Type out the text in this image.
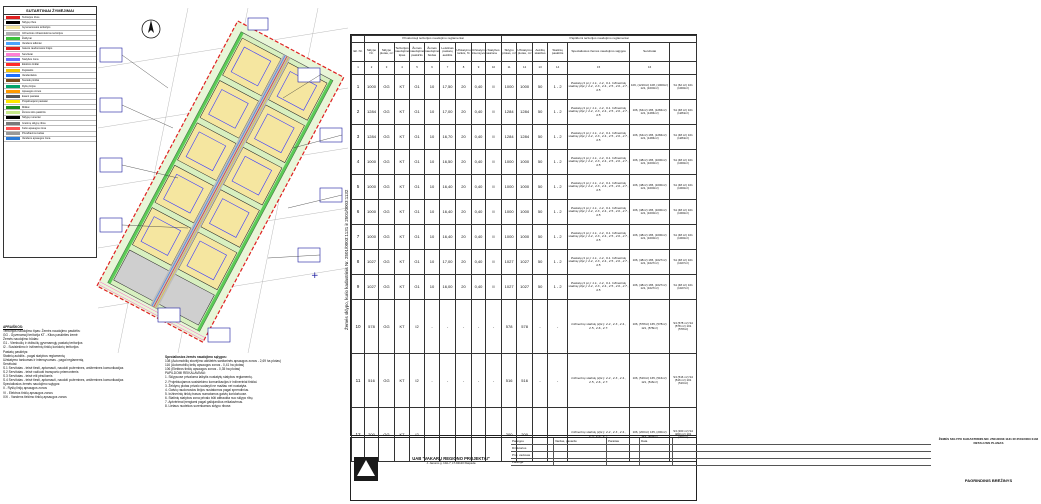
SUTARTINIAI ŽYMĖJIMAI
Teritorijos ribos
Sklypų ribos
Gyvenamosios teritorijos
Inžinerinės infrastruktūros teritorijos
Želdynai
Vandens telkiniai
Gatvės raudonosios linijos
Servitutai
Statybos zona
Elektros tinklai
Dujotiekis
Vandentiekis
Nuotekų tinklai
Ryšių linijos
Apsaugos zonos
Esami pastatai
Projektuojami pastatai
Miškai
Žemės ūkio paskirtis
Sklypų numeriai
Gretimų sklypų ribos
Kelio apsaugos zona
Privažiavimo kelias
Vandens apsaugos zona
APRAIŠKOS:
Teritorijos naudojimo tipas: Žemės naudojimo paskirtis:
GG - Gyvenamoji teritorija KT - Kitos paskirties žemė
Žemės naudojimo būdas:
G1 - Vienbučių ir dvibučių gyvenamųjų pastatų teritorijos
I2 - Susisiekimo ir inžinerinių tinklų koridorių teritorijos
Pastatų paskirtys:
Statinių aukštis - pagal statybos reglamentą
Užstatymo tankumas ir intensyvumas - pagal reglamentą
Servitutai:
S.1 Servitutas - teisė tiesti, aptarnauti, naudoti požemines, antžemines komunikacijas
S.2 Servitutas - teisė važiuoti transporto priemonėmis
S.3 Servitutas - teisė eiti pėsčiomis
S.4 Servitutas - teisė tiesti, aptarnauti, naudoti požemines, antžemines komunikacijas
Specialiosios žemės naudojimo sąlygos:
II - Ryšių linijų apsaugos zonos
VI - Elektros tinklų apsaugos zonos
XXI - Vandens tiekimo tinklų apsaugos zonos
Specialiosios žemės naudojimo sąlygos:
108 (Automobilių stovėjimo aikštelės sanitarinės apsaugos zonos - 2,69 ha plotas)
116 (Automobilių kelių apsaugos zonos - 0,41 ha plotas)
106 (Elektros tinklų apsaugos zonos - 0,35 ha plotas)
PAPILDOMI REIKALAVIMAI:
1. Sklypuose privaloma laikytis nustatytų statybos reglamentų.
2. Projektuojamos susisiekimo komunikacijos ir inžineriniai tinklai.
3. Želdynų plotas privalo sudaryti ne mažiau nei nustatyta.
4. Gatvių raudonosios linijos nustatomos pagal sprendinius.
5. Inžinerinių tinklų trasos numatomos gatvių koridoriuose.
6. Statinių statybos zona privalo būti atitraukta nuo sklypo ribų.
7. Aptvėrimai įrengiami pagal galiojančius reikalavimus.
8. Lietaus nuotekos surenkamos sklypo ribose.
+	Žemės sklypo, kurio kadastrinis Nr. 2501/0003:1131 ir 2501/0003:1132
	Privalomieji teritorijos naudojimo reglamentai									Papildomi teritorijos naudojimo reglamentai						
Eil. Nr.	Sklypo Nr.	Sklypo plotas, m²	Teritorijos naudojimo tipas	Žemės naudojimo paskirtis	Žemės naudojimo būdas	Leistinas pastatų aukštis	Užstatymo tankis, %	Užstatymo intensyvumas	Statybos zona	Sklypo plotas, m²	Užstatymo plotas, m²	Aukštų skaičius	Statinių paskirtis	Specialiosios žemės naudojimo sąlygos	Servitutai	
1	2	3	4	5	6	7	8	9	10	11	12	13	14	15	16	
1	1000	GG	KT	G1	10	17,50	20	0,40	II	1000	1000	50	1 - 2	Pastatų (1 pr.): 1.1., 1.2., 9.1. Inžinerinių statinių (2pr.): 2.2., 2.3., 2.4., 2.5., 2.6., 2.7., 4.5.	106, (1216m²) 108, (1000m²) 121, (1000m²)	S1 (62 m²) 101 (1000m²)
2	1284	GG	KT	G1	10	17,00	20	0,40	II	1284	1284	50	1 - 2	Pastatų (1 pr.): 1.1., 1.2., 9.1. Inžinerinių statinių (2pr.): 2.2., 2.3., 2.4., 2.5., 2.6., 2.7., 4.5.	106, (64m²) 165, (1284m²) 121, (1284m²)	S1 (48 m²) 101 (1284m²)
3	1284	GG	KT	G1	10	16,70	20	0,40	II	1284	1284	50	1 - 2	Pastatų (1 pr.): 1.1., 1.2., 9.1. Inžinerinių statinių (2pr.): 2.2., 2.3., 2.4., 2.5., 2.6., 2.7., 4.5.	106, (64m²) 165, (1284m²) 121, (1284m²)	S1 (48 m²) 101 (1284m²)
4	1000	GG	KT	G1	10	16,50	20	0,40	II	1000	1000	50	1 - 2	Pastatų (1 pr.): 1.1., 1.2., 9.1. Inžinerinių statinių (2pr.): 2.2., 2.3., 2.4., 2.5., 2.6., 2.7., 4.5.	106, (48m²) 165, (1000m²) 121, (1000m²)	S1 (48 m²) 101 (1000m²)
5	1000	GG	KT	G1	10	16,40	20	0,40	II	1000	1000	50	1 - 2	Pastatų (1 pr.): 1.1., 1.2., 9.1. Inžinerinių statinių (2pr.): 2.2., 2.3., 2.4., 2.5., 2.6., 2.7., 4.5.	106, (48m²) 165, (1000m²) 121, (1000m²)	S1 (48 m²) 101 (1000m²)
6	1000	GG	KT	G1	10	16,40	20	0,40	II	1000	1000	50	1 - 2	Pastatų (1 pr.): 1.1., 1.2., 9.1. Inžinerinių statinių (2pr.): 2.2., 2.3., 2.4., 2.5., 2.6., 2.7., 4.5.	106, (48m²) 165, (1000m²) 121, (1000m²)	S1 (48 m²) 101 (1000m²)
7	1000	GG	KT	G1	10	16,40	20	0,40	II	1000	1000	50	1 - 2	Pastatų (1 pr.): 1.1., 1.2., 9.1. Inžinerinių statinių (2pr.): 2.2., 2.3., 2.4., 2.5., 2.6., 2.7., 4.5.	106, (48m²) 165, (1000m²) 121, (1000m²)	S1 (48 m²) 101 (1000m²)
8	1027	GG	KT	G1	10	17,00	20	0,40	II	1027	1027	50	1 - 2	Pastatų (1 pr.): 1.1., 1.2., 9.1. Inžinerinių statinių (2pr.): 2.2., 2.3., 2.4., 2.5., 2.6., 2.7., 4.5.	106, (48m²) 165, (1027m²) 121, (1027m²)	S1 (48 m²) 101 (1027m²)
9	1027	GG	KT	G1	10	16,00	20	0,40	II	1027	1027	50	1 - 2	Pastatų (1 pr.): 1.1., 1.2., 9.1. Inžinerinių statinių (2pr.): 2.2., 2.3., 2.4., 2.5., 2.6., 2.7., 4.5.	106, (48m²) 165, (1027m²) 121, (1027m²)	S1 (48 m²) 101 (1027m²)
10	578	GG	KT	I2	-	-	-	-	-	578	578	-	-	Inžinerinių statinių (2pr.): 2.2., 2.3., 2.4., 2.5., 2.6., 2.7.	106, (578m²) 165, (578m²) 121, (578m²)	S3 (578 m²) S4 (578 m²) 101 (578m²)
11	516	GG	KT	I2	-	-	-	-	-	516	516	-	-	Inžinerinių statinių (2pr.): 2.2., 2.3., 2.4., 2.5., 2.6., 2.7.	106, (516m²) 165, (516m²) 121, (516m²)	S3 (516 m²) S4 (516 m²) 101 (516m²)
12	200	GG	KT	I2	-	-	-	-	-	200	200	-	-	Inžinerinių statinių (2pr.): 2.2., 2.3., 2.4., 2.5., 2.6., 2.7.	106, (200m²) 165, (200m²) 121, (200m²)	S3 (200 m²) S4 (200 m²) 101 (200m²)
Pareigos	Vardas, pavardė	Parašas	Data
Direktorius
Proj. vadovas
Parengė
UAB "VAKARŲ REGIONO PROJEKTAI"
J. Janonio g. 10A-7, LT-92120 Klaipėda
ŽEMĖS SKLYPO KADASTRINIS NR. 2501/0003:1131 IR 2501/0003:1132 DETALUSIS PLANAS
PAGRINDINIS BRĖŽINYS
